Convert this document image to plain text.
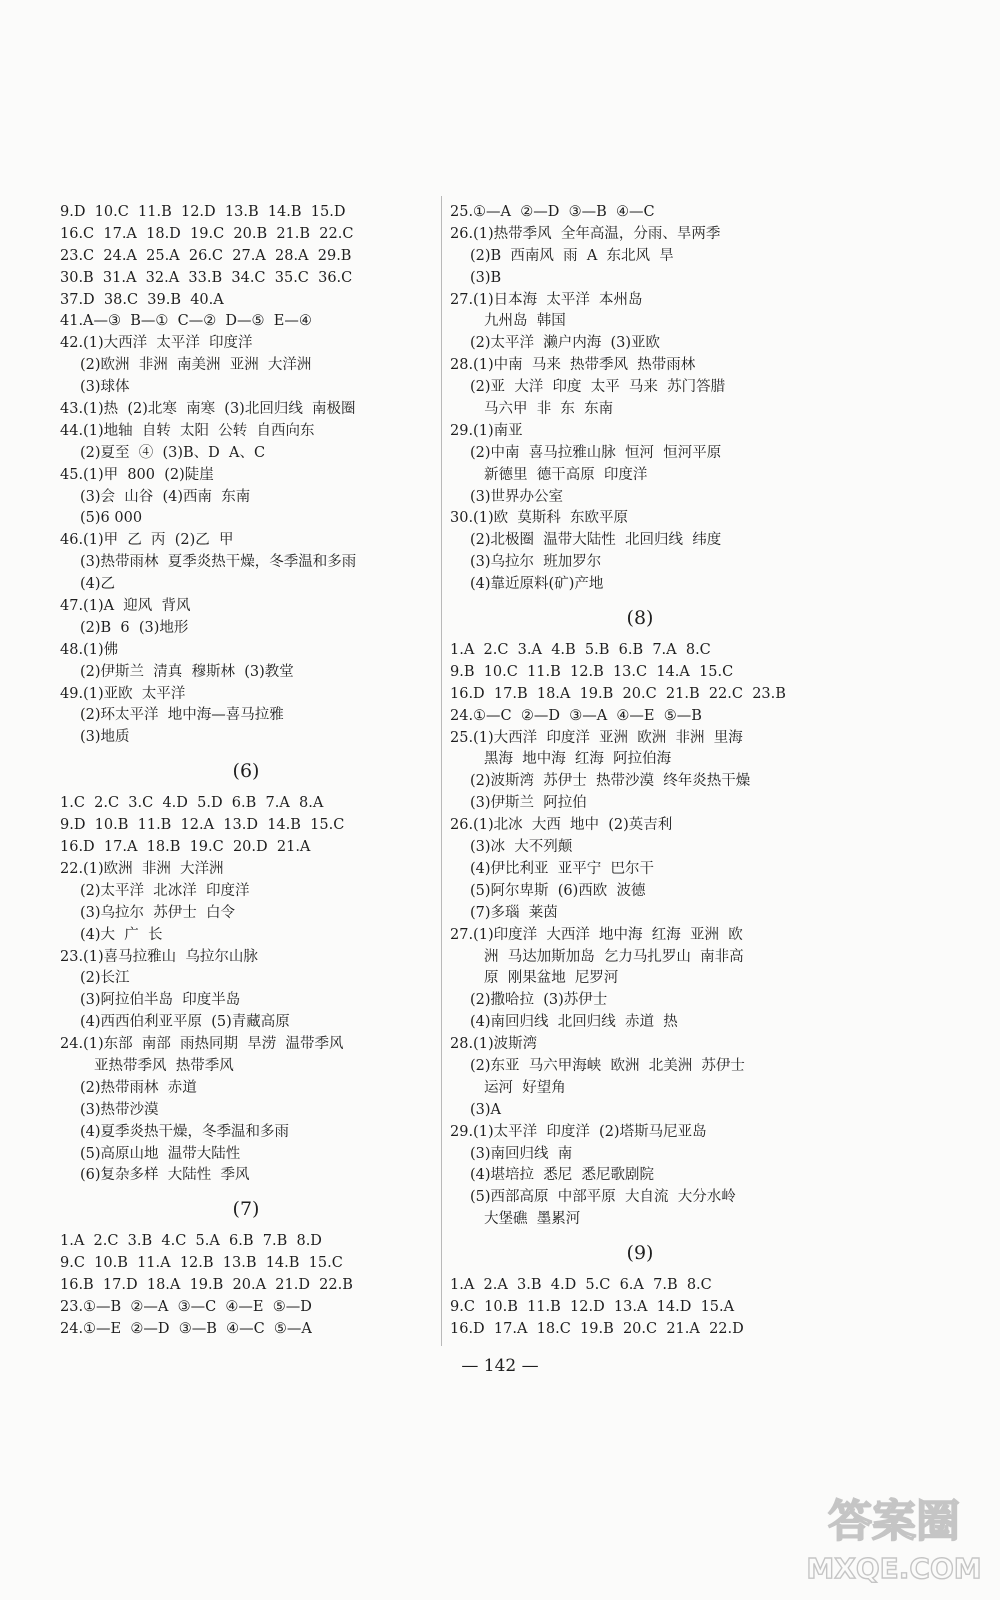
9.D  10.C  11.B  12.D  13.B  14.B  15.D
16.C  17.A  18.D  19.C  20.B  21.B  22.C
23.C  24.A  25.A  26.C  27.A  28.A  29.B
30.B  31.A  32.A  33.B  34.C  35.C  36.C
37.D  38.C  39.B  40.A
41.A—③  B—①  C—②  D—⑤  E—④
42.(1)大西洋  太平洋  印度洋
(2)欧洲  非洲  南美洲  亚洲  大洋洲
(3)球体
43.(1)热  (2)北寒  南寒  (3)北回归线  南极圈
44.(1)地轴  自转  太阳  公转  自西向东
(2)夏至  ④  (3)B、D  A、C
45.(1)甲  800  (2)陡崖
(3)会  山谷  (4)西南  东南
(5)6 000
46.(1)甲  乙  丙  (2)乙  甲
(3)热带雨林  夏季炎热干燥，冬季温和多雨
(4)乙
47.(1)A  迎风  背风
(2)B  6  (3)地形
48.(1)佛
(2)伊斯兰  清真  穆斯林  (3)教堂
49.(1)亚欧  太平洋
(2)环太平洋  地中海—喜马拉雅
(3)地质
(6)
1.C  2.C  3.C  4.D  5.D  6.B  7.A  8.A
9.D  10.B  11.B  12.A  13.D  14.B  15.C
16.D  17.A  18.B  19.C  20.D  21.A
22.(1)欧洲  非洲  大洋洲
(2)太平洋  北冰洋  印度洋
(3)乌拉尔  苏伊士  白令
(4)大  广  长
23.(1)喜马拉雅山  乌拉尔山脉
(2)长江
(3)阿拉伯半岛  印度半岛
(4)西西伯利亚平原  (5)青藏高原
24.(1)东部  南部  雨热同期  旱涝  温带季风
亚热带季风  热带季风
(2)热带雨林  赤道
(3)热带沙漠
(4)夏季炎热干燥，冬季温和多雨
(5)高原山地  温带大陆性
(6)复杂多样  大陆性  季风
(7)
1.A  2.C  3.B  4.C  5.A  6.B  7.B  8.D
9.C  10.B  11.A  12.B  13.B  14.B  15.C
16.B  17.D  18.A  19.B  20.A  21.D  22.B
23.①—B  ②—A  ③—C  ④—E  ⑤—D
24.①—E  ②—D  ③—B  ④—C  ⑤—A
25.①—A  ②—D  ③—B  ④—C
26.(1)热带季风  全年高温，分雨、旱两季
(2)B  西南风  雨  A  东北风  旱
(3)B
27.(1)日本海  太平洋  本州岛
九州岛  韩国
(2)太平洋  濑户内海  (3)亚欧
28.(1)中南  马来  热带季风  热带雨林
(2)亚  大洋  印度  太平  马来  苏门答腊
马六甲  非  东  东南
29.(1)南亚
(2)中南  喜马拉雅山脉  恒河  恒河平原
新德里  德干高原  印度洋
(3)世界办公室
30.(1)欧  莫斯科  东欧平原
(2)北极圈  温带大陆性  北回归线  纬度
(3)乌拉尔  班加罗尔
(4)靠近原料(矿)产地
(8)
1.A  2.C  3.A  4.B  5.B  6.B  7.A  8.C
9.B  10.C  11.B  12.B  13.C  14.A  15.C
16.D  17.B  18.A  19.B  20.C  21.B  22.C  23.B
24.①—C  ②—D  ③—A  ④—E  ⑤—B
25.(1)大西洋  印度洋  亚洲  欧洲  非洲  里海
黑海  地中海  红海  阿拉伯海
(2)波斯湾  苏伊士  热带沙漠  终年炎热干燥
(3)伊斯兰  阿拉伯
26.(1)北冰  大西  地中  (2)英吉利
(3)冰  大不列颠
(4)伊比利亚  亚平宁  巴尔干
(5)阿尔卑斯  (6)西欧  波德
(7)多瑙  莱茵
27.(1)印度洋  大西洋  地中海  红海  亚洲  欧
洲  马达加斯加岛  乞力马扎罗山  南非高
原  刚果盆地  尼罗河
(2)撒哈拉  (3)苏伊士
(4)南回归线  北回归线  赤道  热
28.(1)波斯湾
(2)东亚  马六甲海峡  欧洲  北美洲  苏伊士
运河  好望角
(3)A
29.(1)太平洋  印度洋  (2)塔斯马尼亚岛
(3)南回归线  南
(4)堪培拉  悉尼  悉尼歌剧院
(5)西部高原  中部平原  大自流  大分水岭
大堡礁  墨累河
(9)
1.A  2.A  3.B  4.D  5.C  6.A  7.B  8.C
9.C  10.B  11.B  12.D  13.A  14.D  15.A
16.D  17.A  18.C  19.B  20.C  21.A  22.D
— 142 —
答案圈
MXQE.COM
